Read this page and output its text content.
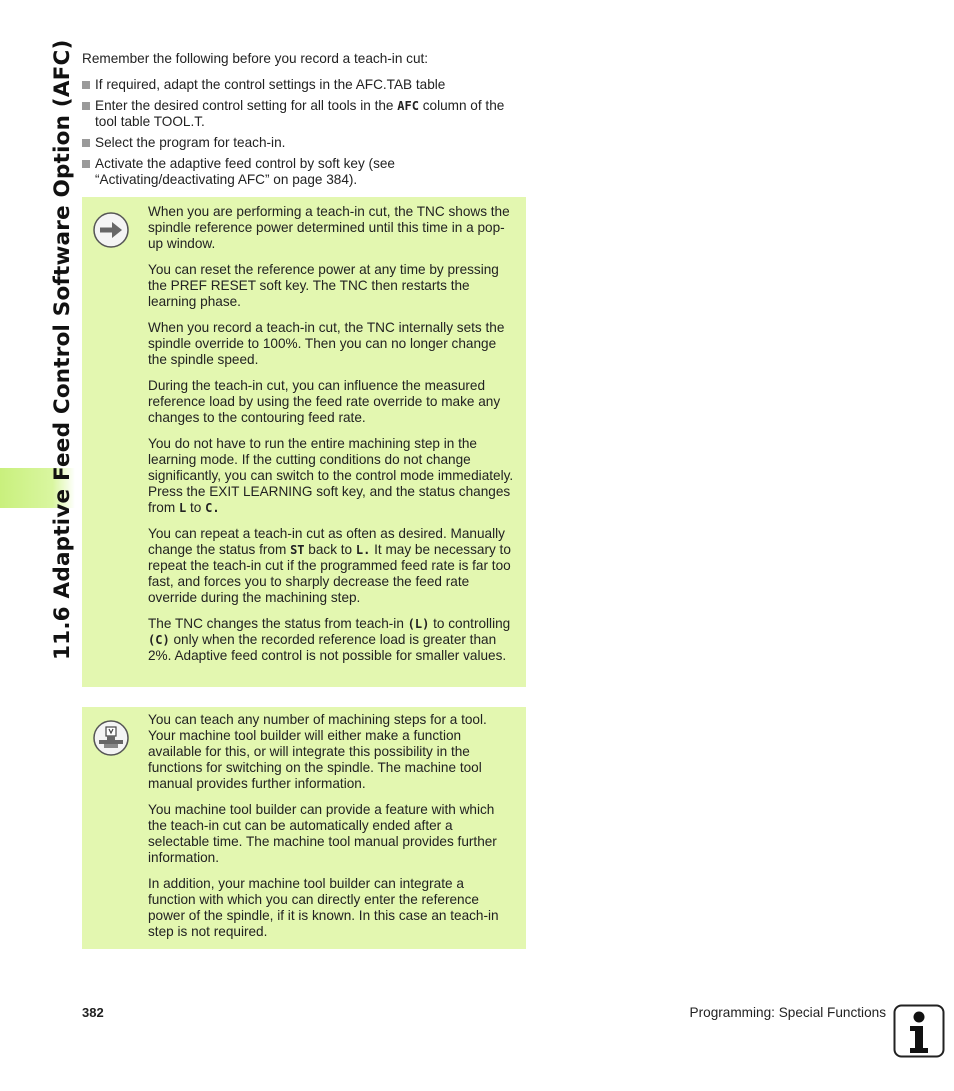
11.6 Adaptive Feed Control Software Option (AFC) Remember the following before you record a teach-in cut:

If required, adapt the control settings in the AFC.TAB table
Enter the desired control setting for all tools in the AFC column of the tool table TOOL.T.
Select the program for teach-in.
Activate the adaptive feed control by soft key (see “Activating/deactivating AFC” on page 384).

When you are performing a teach-in cut, the TNC shows the spindle reference power determined until this time in a pop-up window.

You can reset the reference power at any time by pressing the PREF RESET soft key. The TNC then restarts the learning phase.

When you record a teach-in cut, the TNC internally sets the spindle override to 100%. Then you can no longer change the spindle speed.

During the teach-in cut, you can influence the measured reference load by using the feed rate override to make any changes to the contouring feed rate.

You do not have to run the entire machining step in the learning mode. If the cutting conditions do not change significantly, you can switch to the control mode immediately. Press the EXIT LEARNING soft key, and the status changes from L to C.

You can repeat a teach-in cut as often as desired. Manually change the status from ST back to L. It may be necessary to repeat the teach-in cut if the programmed feed rate is far too fast, and forces you to sharply decrease the feed rate override during the machining step.

The TNC changes the status from teach-in (L) to controlling (C) only when the recorded reference load is greater than 2%. Adaptive feed control is not possible for smaller values.

You can teach any number of machining steps for a tool. Your machine tool builder will either make a function available for this, or will integrate this possibility in the functions for switching on the spindle. The machine tool manual provides further information.

You machine tool builder can provide a feature with which the teach-in cut can be automatically ended after a selectable time. The machine tool manual provides further information.

In addition, your machine tool builder can integrate a function with which you can directly enter the reference power of the spindle, if it is known. In this case an teach-in step is not required.

382	Programming: Special Functions
